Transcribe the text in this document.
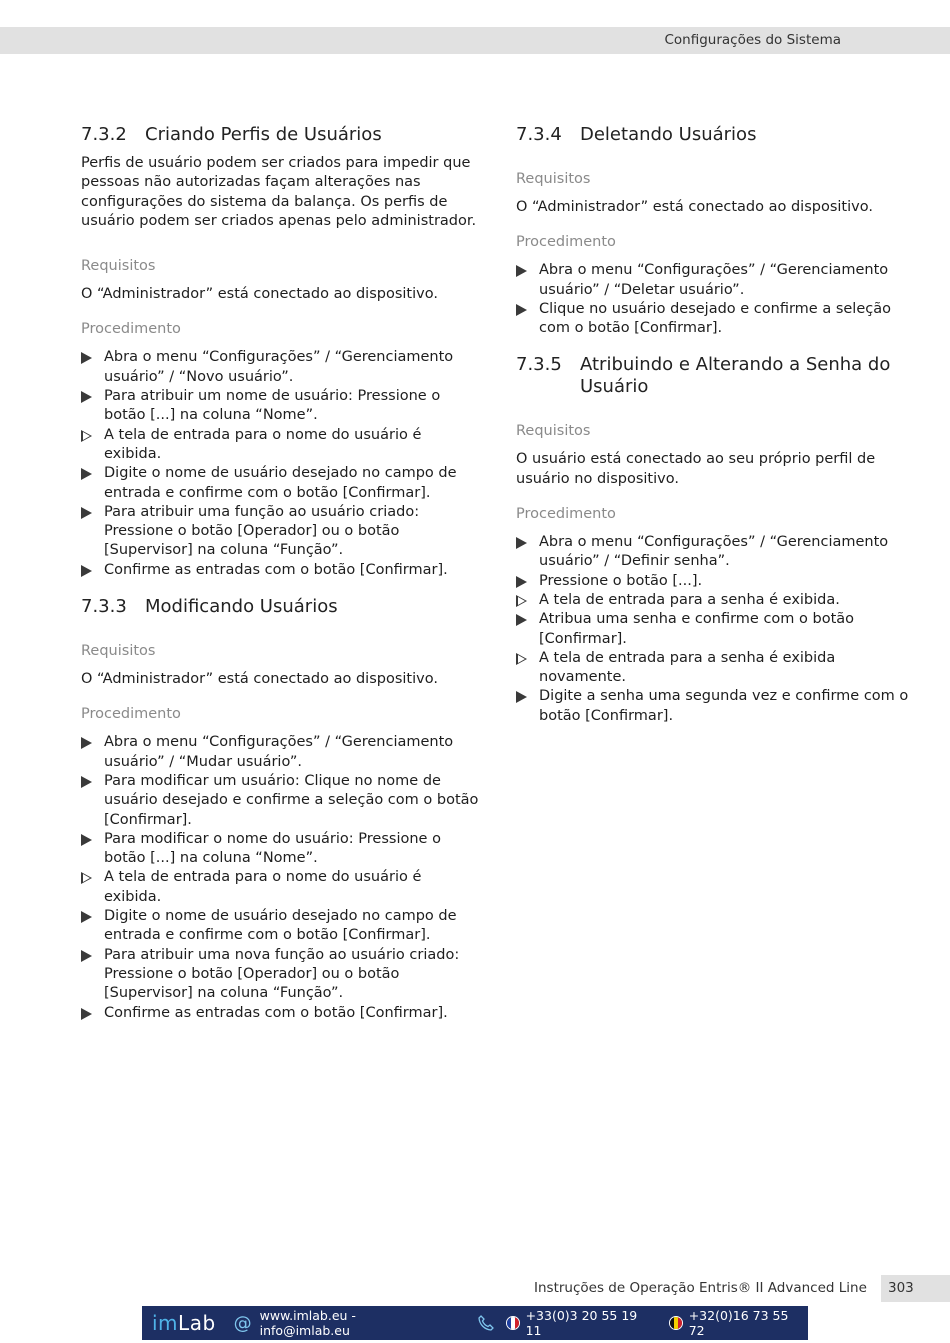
Configurações do Sistema
7.3.2	Criando Perfis de Usuários

Perfis de usuário podem ser criados para impedir que pessoas não autorizadas façam alterações nas configurações do sistema da balança. Os perfis de usuário podem ser criados apenas pelo administrador.

Requisitos

O “Administrador” está conectado ao dispositivo.

Procedimento
Abra o menu “Configurações” / “Gerenciamento usuário” / “Novo usuário”.
Para atribuir um nome de usuário: Pressione o botão [...] na coluna “Nome”.
A tela de entrada para o nome do usuário é exibida.
Digite o nome de usuário desejado no campo de entrada e confirme com o botão [Confirmar].
Para atribuir uma função ao usuário criado: Pressione o botão [Operador] ou o botão [Supervisor] na coluna “Função”.
Confirme as entradas com o botão [Confirmar].
7.3.3	Modificando Usuários
Requisitos

O “Administrador” está conectado ao dispositivo.

Procedimento
Abra o menu “Configurações” / “Gerenciamento usuário” / “Mudar usuário”.
Para modificar um usuário: Clique no nome de usuário desejado e confirme a seleção com o botão [Confirmar].
Para modificar o nome do usuário: Pressione o botão [...] na coluna “Nome”.
A tela de entrada para o nome do usuário é exibida.
Digite o nome de usuário desejado no campo de entrada e confirme com o botão [Confirmar].
Para atribuir uma nova função ao usuário criado: Pressione o botão [Operador] ou o botão [Supervisor] na coluna “Função”.
Confirme as entradas com o botão [Confirmar].
7.3.4	Deletando Usuários
Requisitos

O “Administrador” está conectado ao dispositivo.

Procedimento
Abra o menu “Configurações” / “Gerenciamento usuário” / “Deletar usuário”.
Clique no usuário desejado e confirme a seleção com o botão [Confirmar].
7.3.5	Atribuindo e Alterando a Senha do Usuário
Requisitos

O usuário está conectado ao seu próprio perfil de usuário no dispositivo.

Procedimento
Abra o menu “Configurações” / “Gerenciamento usuário” / “Definir senha”.
Pressione o botão [...].
A tela de entrada para a senha é exibida.
Atribua uma senha e confirme com o botão [Confirmar].
A tela de entrada para a senha é exibida novamente.
Digite a senha uma segunda vez e confirme com o botão [Confirmar].
Instruções de Operação Entris® II Advanced Line 303
imLab @ www.imlab.eu - info@imlab.eu
+33(0)3 20 55 19 11
+32(0)16 73 55 72
